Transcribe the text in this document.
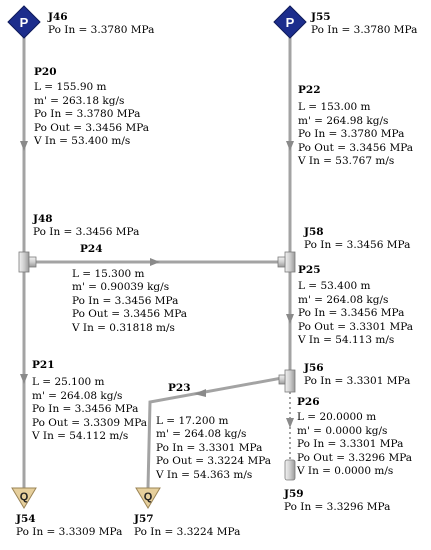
P	P
Q	Q
J46
Po In = 3.3780 MPa
J55
Po In = 3.3780 MPa
J48
Po In = 3.3456 MPa	J58
Po In = 3.3456 MPa
J56
Po In = 3.3301 MPa
J54
Po In = 3.3309 MPa
J57
Po In = 3.3224 MPa
J59
Po In = 3.3296 MPa
P20
L = 155.90 m
m' = 263.18 kg/s
Po In = 3.3780 MPa
Po Out = 3.3456 MPa
V In = 53.400 m/s
P22
L = 153.00 m
m' = 264.98 kg/s
Po In = 3.3780 MPa
Po Out = 3.3456 MPa
V In = 53.767 m/s
P24
L = 15.300 m
m' = 0.90039 kg/s
Po In = 3.3456 MPa
Po Out = 3.3456 MPa
V In = 0.31818 m/s
P25
L = 53.400 m
m' = 264.08 kg/s
Po In = 3.3456 MPa
Po Out = 3.3301 MPa
V In = 54.113 m/s
P21
L = 25.100 m
m' = 264.08 kg/s
Po In = 3.3456 MPa
Po Out = 3.3309 MPa
V In = 54.112 m/s
P23
L = 17.200 m
m' = 264.08 kg/s
Po In = 3.3301 MPa
Po Out = 3.3224 MPa
V In = 54.363 m/s
P26
L = 20.0000 m
m' = 0.0000 kg/s
Po In = 3.3301 MPa
Po Out = 3.3296 MPa
V In = 0.0000 m/s
